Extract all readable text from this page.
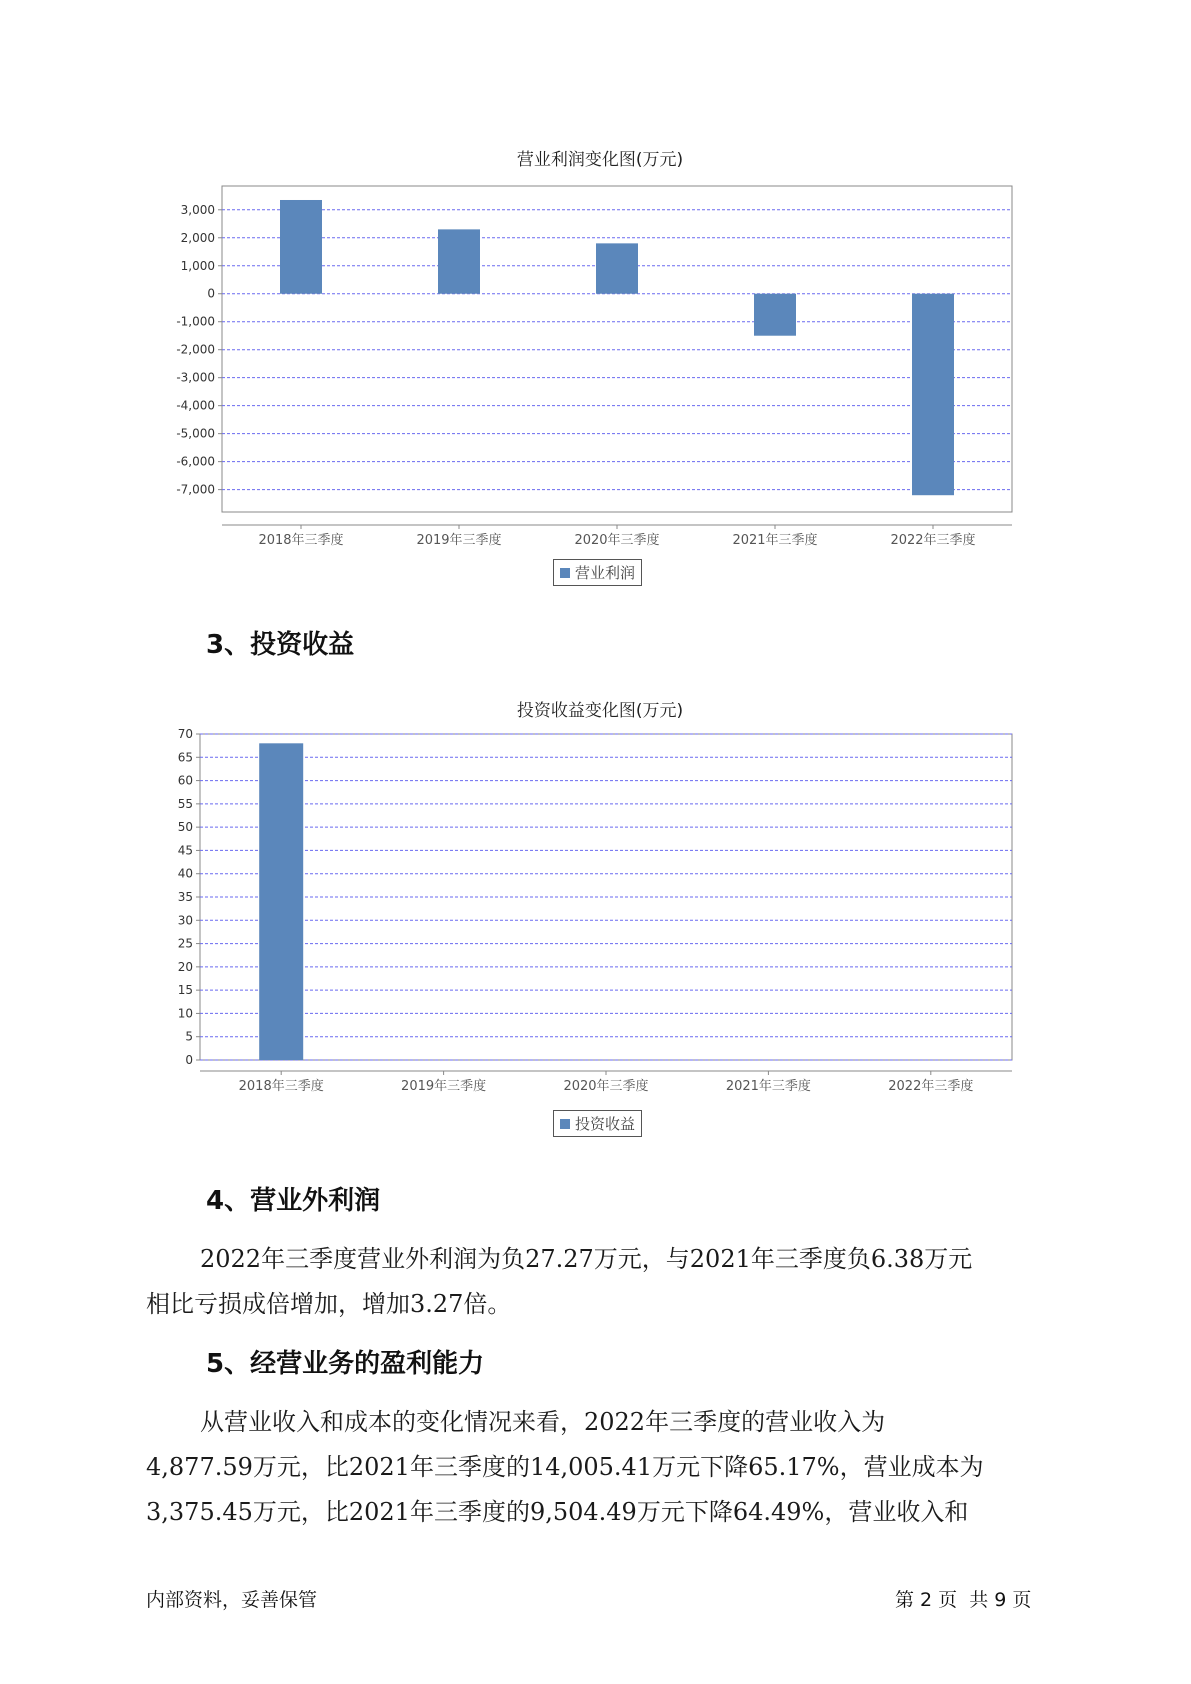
营业利润变化图(万元)
3,000
2,000
1,000
0
-1,000
-2,000
-3,000
-4,000
-5,000
-6,000
-7,000
2018年三季度	2019年三季度	2020年三季度	2021年三季度	2022年三季度
营业利润
3、投资收益
投资收益变化图(万元)
70
65
60
55
50
45
40
35
30
25
20
15
10
5
0
2018年三季度	2019年三季度	2020年三季度	2021年三季度	2022年三季度
投资收益
4、营业外利润

2022年三季度营业外利润为负27.27万元，与2021年三季度负6.38万元
相比亏损成倍增加，增加3.27倍。

5、经营业务的盈利能力

从营业收入和成本的变化情况来看，2022年三季度的营业收入为
4,877.59万元，比2021年三季度的14,005.41万元下降65.17%，营业成本为
3,375.45万元，比2021年三季度的9,504.49万元下降64.49%，营业收入和

内部资料，妥善保管	第 2 页  共 9 页
